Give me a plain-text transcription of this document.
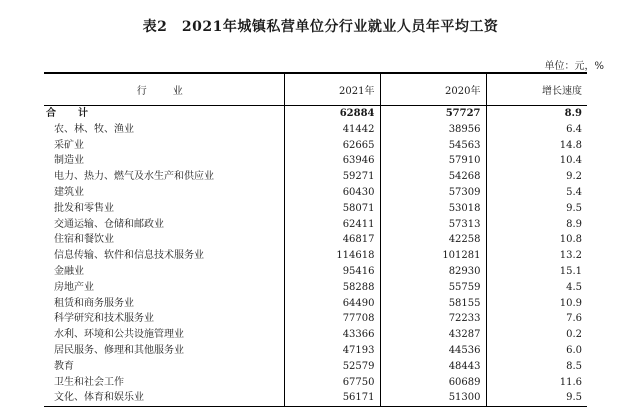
表2　2021年城镇私营单位分行业就业人员年平均工资
单位：元，%
行　业	2021年	2020年	增长速度
合　计	62884	57727	8.9
农、林、牧、渔业	41442	38956	6.4
采矿业	62665	54563	14.8
制造业	63946	57910	10.4
电力、热力、燃气及水生产和供应业	59271	54268	9.2
建筑业	60430	57309	5.4
批发和零售业	58071	53018	9.5
交通运输、仓储和邮政业	62411	57313	8.9
住宿和餐饮业	46817	42258	10.8
信息传输、软件和信息技术服务业	114618	101281	13.2
金融业	95416	82930	15.1
房地产业	58288	55759	4.5
租赁和商务服务业	64490	58155	10.9
科学研究和技术服务业	77708	72233	7.6
水利、环境和公共设施管理业	43366	43287	0.2
居民服务、修理和其他服务业	47193	44536	6.0
教育	52579	48443	8.5
卫生和社会工作	67750	60689	11.6
文化、体育和娱乐业	56171	51300	9.5
